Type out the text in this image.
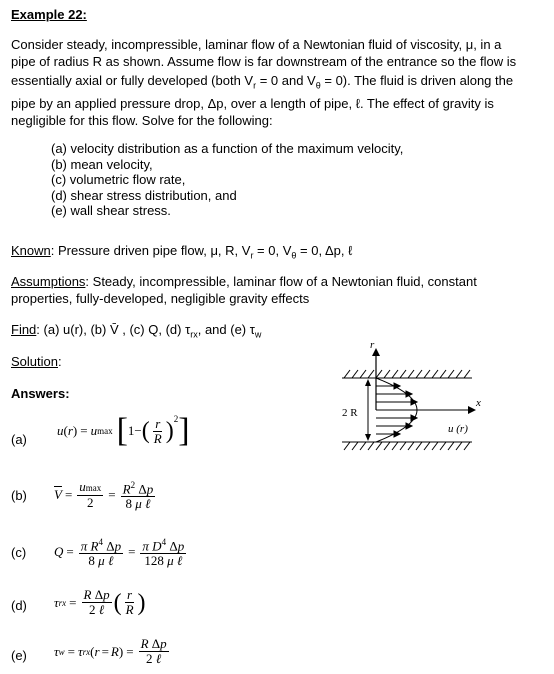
Example 22:
Consider steady, incompressible, laminar flow of a Newtonian fluid of viscosity, μ, in a
pipe of radius R as shown. Assume flow is far downstream of the entrance so the flow is
essentially axial or fully developed (both $V_r = 0$ and $V_\theta = 0$). The fluid is driven along the
pipe by an applied pressure drop, Δp, over a length of pipe, ℓ. The effect of gravity is
negligible for this flow. Solve for the following:
(a) velocity distribution as a function of the maximum velocity,
(b) mean velocity,
(c) volumetric flow rate,
(d) shear stress distribution, and
(e) wall shear stress.
Known: Pressure driven pipe flow, μ, R, $V_r = 0$, $V_\theta = 0$, Δp, ℓ
Assumptions: Steady, incompressible, laminar flow of a Newtonian fluid, constant
properties, fully-developed, negligible gravity effects
Find: (a) u(r), (b) V̄ , (c) Q, (d) $\tau_{rx}$, and (e) $\tau_w$
Solution:
Answers:
r
2 R
x
u (r)
(a)
u ( r ) = u max [ 1− ( $\frac{r}{R} )^2$ ]
(b) $\overline{V} = \frac{umax}{2} = \frac{R^2 \Delta p}{\text{8 μ ℓ}}$
(c) $Q = \frac{\pi R^4 \Delta p}{\text{8 μ ℓ}} = \frac{\pi D^4 \Delta p}{\text{128 μ ℓ}}$
(d) τ rx = $\frac{\text{R Δp}}{\text{2 ℓ}}$ ( $\frac{r}{R}$ )
(e) τ w = τ rx ( r = R ) = $\frac{\text{R Δp}}{\text{2 ℓ}}$
